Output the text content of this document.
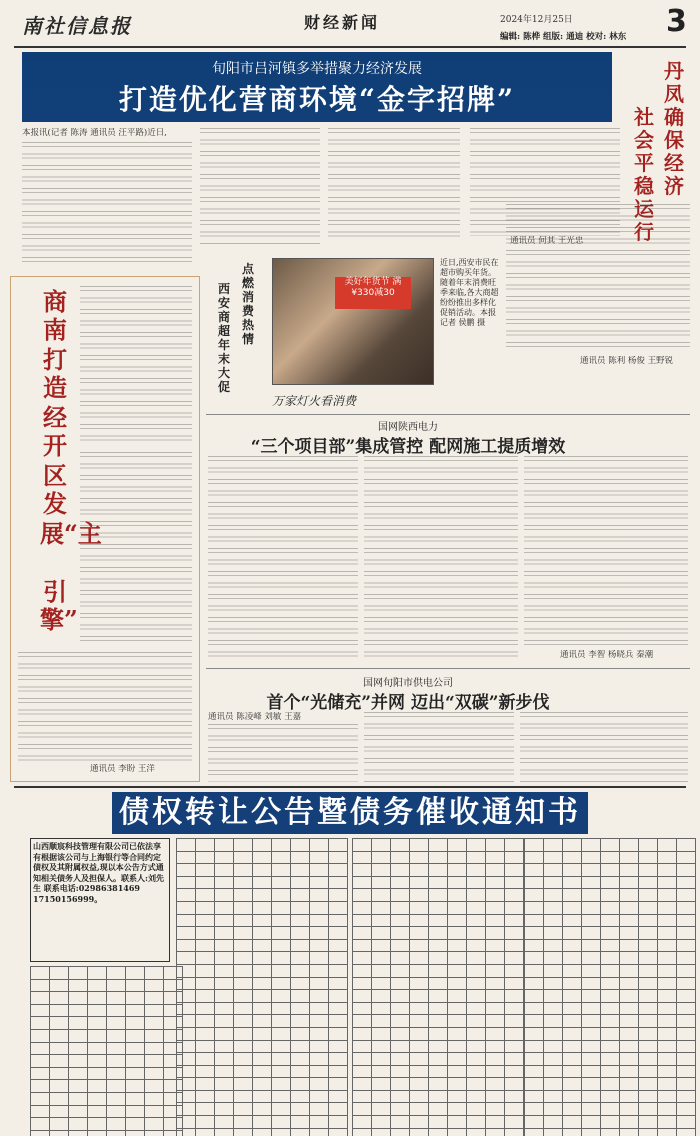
南社信息报	财经新闻	2024年12月25日	3
编辑: 陈桦 组版: 通迪 校对: 林东
旬阳市吕河镇多举措聚力经济发展
打造优化营商环境“金字招牌”
丹凤
确保
经济
社会
平稳
运行
本报讯(记者 陈涛 通讯员 汪平路)近日,
通讯员 何其 王光忠
通讯员 陈利 杨俊 王野锐
商南
打造
经开
区发
展“主
引擎”
通讯员 李盼 王洋
点燃消费热情
西安商超年末大促
美好年货节 满¥330减30
近日,西安市民在超市购买年货。随着年末消费旺季来临,各大商超纷纷推出多样化促销活动。本报记者 侯鹏 摄
万家灯火看消费
国网陕西电力
“三个项目部”集成管控 配网施工提质增效
通讯员 李智 杨晓兵 秦潮
国网旬阳市供电公司
首个“光储充”并网 迈出“双碳”新步伐
通讯员 陈凌峰 刘敏 王嘉
债权转让公告暨债务催收通知书
山西顺宸科技管理有限公司已依法享有根据该公司与上海银行等合同约定债权及其附属权益,现以本公告方式通知相关债务人及担保人。联系人:刘先生 联系电话:02986381469 17150156999。
